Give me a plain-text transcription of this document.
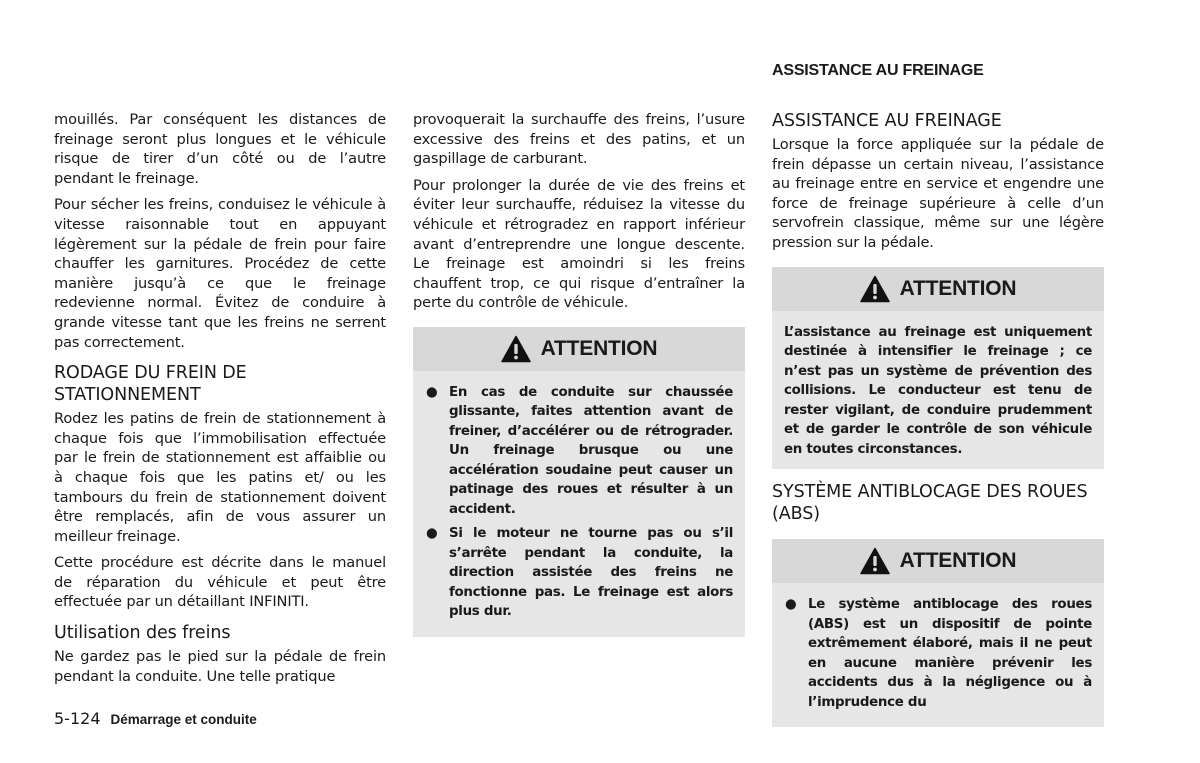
ASSISTANCE AU FREINAGE

mouillés. Par conséquent les distances de freinage seront plus longues et le véhicule risque de tirer d’un côté ou de l’autre pendant le freinage.

Pour sécher les freins, conduisez le véhicule à vitesse raisonnable tout en appuyant légèrement sur la pédale de frein pour faire chauffer les garnitures. Procédez de cette manière jusqu’à ce que le freinage redevienne normal. Évitez de conduire à grande vitesse tant que les freins ne serrent pas correctement.

RODAGE DU FREIN DE STATIONNEMENT

Rodez les patins de frein de stationnement à chaque fois que l’immobilisation effectuée par le frein de stationnement est affaiblie ou à chaque fois que les patins et/ ou les tambours du frein de stationnement doivent être remplacés, afin de vous assurer un meilleur freinage.

Cette procédure est décrite dans le manuel de réparation du véhicule et peut être effectuée par un détaillant INFINITI.

Utilisation des freins

Ne gardez pas le pied sur la pédale de frein pendant la conduite. Une telle pratique

provoquerait la surchauffe des freins, l’usure excessive des freins et des patins, et un gaspillage de carburant.

Pour prolonger la durée de vie des freins et éviter leur surchauffe, réduisez la vitesse du véhicule et rétrogradez en rapport inférieur avant d’entreprendre une longue descente. Le freinage est amoindri si les freins chauffent trop, ce qui risque d’entraîner la perte du contrôle de véhicule.

ATTENTION
● En cas de conduite sur chaussée glissante, faites attention avant de freiner, d’accélérer ou de rétrograder. Un freinage brusque ou une accélération soudaine peut causer un patinage des roues et résulter à un accident.
● Si le moteur ne tourne pas ou s’il s’arrête pendant la conduite, la direction assistée des freins ne fonctionne pas. Le freinage est alors plus dur.
ASSISTANCE AU FREINAGE

Lorsque la force appliquée sur la pédale de frein dépasse un certain niveau, l’assistance au freinage entre en service et engendre une force de freinage supérieure à celle d’un servofrein classique, même sur une légère pression sur la pédale.

ATTENTION

L’assistance au freinage est uniquement destinée à intensifier le freinage ; ce n’est pas un système de prévention des collisions. Le conducteur est tenu de rester vigilant, de conduire prudemment et de garder le contrôle de son véhicule en toutes circonstances.

SYSTÈME ANTIBLOCAGE DES ROUES (ABS)
ATTENTION
● Le système antiblocage des roues (ABS) est un dispositif de pointe extrêmement élaboré, mais il ne peut en aucune manière prévenir les accidents dus à la négligence ou à l’imprudence du
5-124 Démarrage et conduite
